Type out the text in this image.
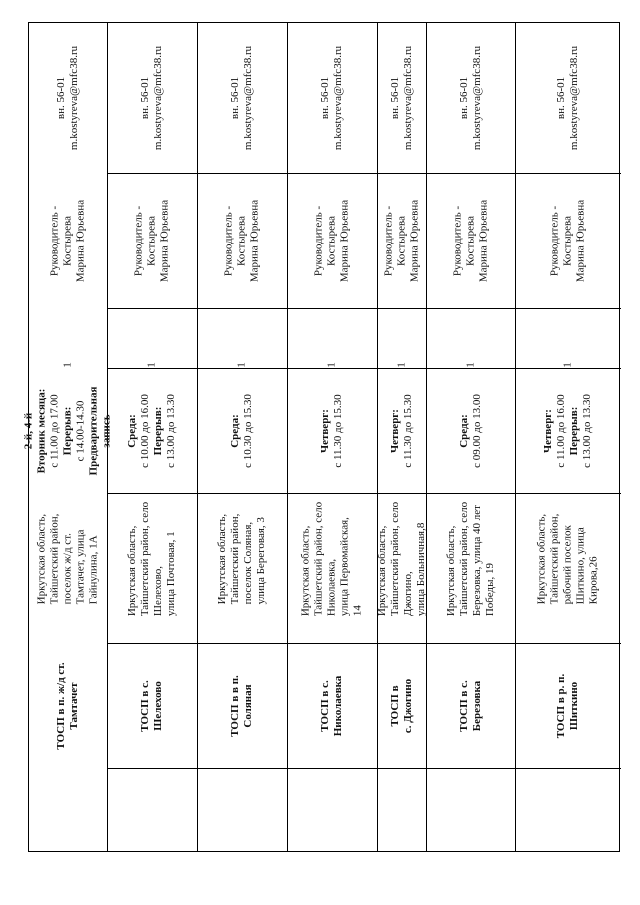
вн. 56-01 m.kostyreva@mfc38.ru
Руководитель - Костырева Марина Юрьевна
1
Четверг: с 11.00 до 16.00 Перерыв: с 13.00 до 13.30
Иркутская область, Тайшетский район, рабочий поселок Шиткино, улица Кирова,26
ТОСП в р. п. Шиткино
вн. 56-01 m.kostyreva@mfc38.ru
Руководитель - Костырева Марина Юрьевна
1
Среда: с 09.00 до 13.00
Иркутская область, Тайшетский район, село Березовка, улица 40 лет Победы, 19
ТОСП в с. Березовка
вн. 56-01 m.kostyreva@mfc38.ru
Руководитель - Костырева Марина Юрьевна
1
Четверг: с 11.30 до 15.30
Иркутская область, Тайшетский район, село Джогино, улица Больничная,8
ТОСП в с. Джогино
вн. 56-01 m.kostyreva@mfc38.ru
Руководитель - Костырева Марина Юрьевна
1
Четверг: с 11.30 до 15.30
Иркутская область, Тайшетский район, село Николаевка, улица Первомайская, 14
ТОСП в с. Николаевка
вн. 56-01 m.kostyreva@mfc38.ru
Руководитель - Костырева Марина Юрьевна
1
Среда: с 10.30 до 15.30
Иркутская область, Тайшетский район, поселок Соляная, улица Береговая, 3
ТОСП в в п. Соляная
вн. 56-01 m.kostyreva@mfc38.ru
Руководитель - Костырева Марина Юрьевна
1
Среда: с 10.00 до 16.00 Перерыв: с 13.00 до 13.30
Иркутская область, Тайшетский район, село Шелехово, улица Почтовая, 1
ТОСП в с. Шелехово
вн. 56-01 m.kostyreva@mfc38.ru
Руководитель - Костырева Марина Юрьевна
1
2-й, 4-й Вторник месяца: с 11.00 до 17.00 Перерыв: с 14.00-14.30 Предварительная запись
Иркутская область, Тайшетский район, поселок ж/д ст. Тамтачет, улица Гайнулина, 1А
ТОСП в п. ж/д ст. Тамтачет
